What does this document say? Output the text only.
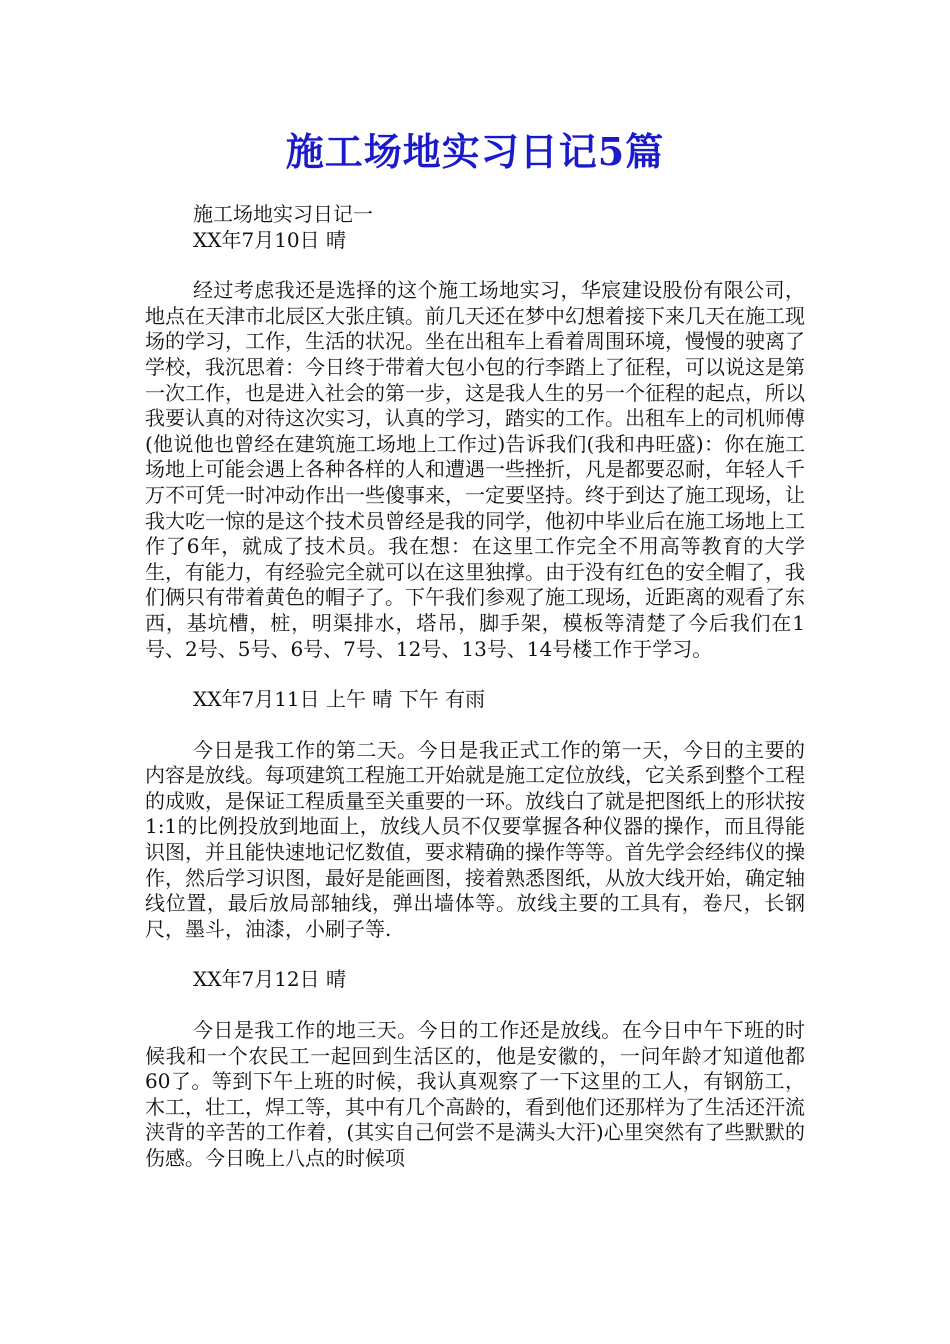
施工场地实习日记5篇

施工场地实习日记一

XX年7月10日 晴

经过考虑我还是选择的这个施工场地实习，华宸建设股份有限公司，地点在天津市北辰区大张庄镇。前几天还在梦中幻想着接下来几天在施工现场的学习，工作，生活的状况。坐在出租车上看着周围环境，慢慢的驶离了学校，我沉思着：今日终于带着大包小包的行李踏上了征程，可以说这是第一次工作，也是进入社会的第一步，这是我人生的另一个征程的起点，所以我要认真的对待这次实习，认真的学习，踏实的工作。出租车上的司机师傅(他说他也曾经在建筑施工场地上工作过)告诉我们(我和冉旺盛)：你在施工场地上可能会遇上各种各样的人和遭遇一些挫折，凡是都要忍耐，年轻人千万不可凭一时冲动作出一些傻事来，一定要坚持。终于到达了施工现场，让我大吃一惊的是这个技术员曾经是我的同学，他初中毕业后在施工场地上工作了6年，就成了技术员。我在想：在这里工作完全不用高等教育的大学生，有能力，有经验完全就可以在这里独撑。由于没有红色的安全帽了，我们俩只有带着黄色的帽子了。下午我们参观了施工现场，近距离的观看了东西，基坑槽，桩，明渠排水，塔吊，脚手架，模板等清楚了今后我们在1号、2号、5号、6号、7号、12号、13号、14号楼工作于学习。

XX年7月11日 上午 晴 下午 有雨

今日是我工作的第二天。今日是我正式工作的第一天，今日的主要的内容是放线。每项建筑工程施工开始就是施工定位放线，它关系到整个工程的成败，是保证工程质量至关重要的一环。放线白了就是把图纸上的形状按1:1的比例投放到地面上，放线人员不仅要掌握各种仪器的操作，而且得能识图，并且能快速地记忆数值，要求精确的操作等等。首先学会经纬仪的操作，然后学习识图，最好是能画图，接着熟悉图纸，从放大线开始，确定轴线位置，最后放局部轴线，弹出墙体等。放线主要的工具有，卷尺，长钢尺，墨斗，油漆，小刷子等.

XX年7月12日 晴

今日是我工作的地三天。今日的工作还是放线。在今日中午下班的时候我和一个农民工一起回到生活区的，他是安徽的，一问年龄才知道他都60了。等到下午上班的时候，我认真观察了一下这里的工人，有钢筋工，木工，壮工，焊工等，其中有几个高龄的，看到他们还那样为了生活还汗流浃背的辛苦的工作着，(其实自己何尝不是满头大汗)心里突然有了些默默的伤感。今日晚上八点的时候项
